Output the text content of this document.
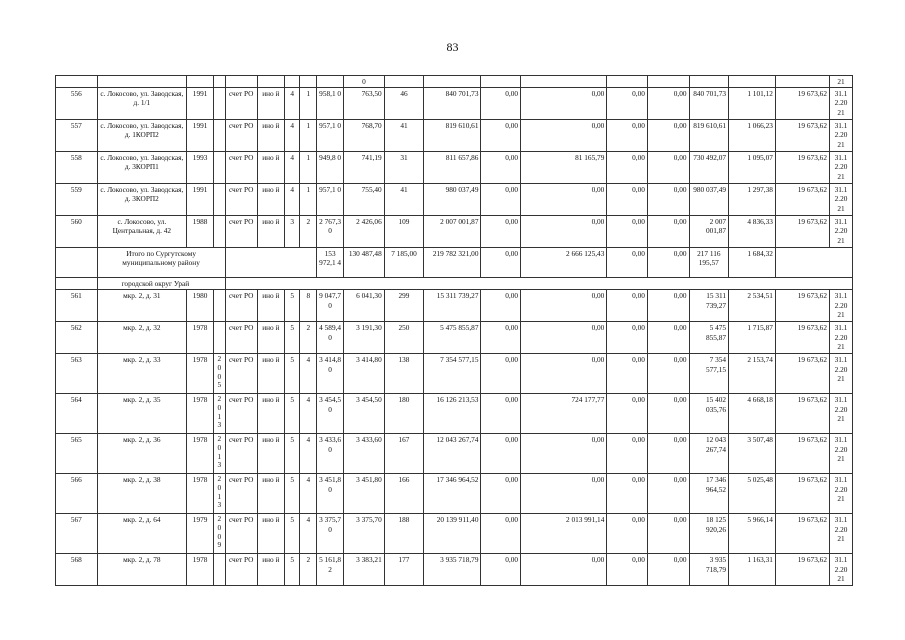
83
									0										21
556	с. Локосово, ул. Заводская, д. 1/1	1991		счет РО	ино й	4	1	958,1 0	763,50	46	840 701,73	0,00	0,00	0,00	0,00	840 701,73	1 101,12	19 673,62	31.1 2.20 21
557	с. Локосово, ул. Заводская, д. 1КОРП2	1991		счет РО	ино й	4	1	957,1 0	768,70	41	819 610,61	0,00	0,00	0,00	0,00	819 610,61	1 066,23	19 673,62	31.1 2.20 21
558	с. Локосово, ул. Заводская, д. 3КОРП1	1993		счет РО	ино й	4	1	949,8 0	741,19	31	811 657,86	0,00	81 165,79	0,00	0,00	730 492,07	1 095,07	19 673,62	31.1 2.20 21
559	с. Локосово, ул. Заводская, д. 3КОРП2	1991		счет РО	ино й	4	1	957,1 0	755,40	41	980 037,49	0,00	0,00	0,00	0,00	980 037,49	1 297,38	19 673,62	31.1 2.20 21
560	с. Локосово, ул. Центральная, д. 42	1988		счет РО	ино й	3	2	2 767,3 0	2 426,06	109	2 007 001,87	0,00	0,00	0,00	0,00	2 007 001,87	4 836,33	19 673,62	31.1 2.20 21
	Итого по Сургутскому муниципальному району							153 972,1 4	130 487,48	7 185,00	219 782 321,00	0,00	2 666 125,43	0,00	0,00	217 116 195,57	1 684,32		
	городской округ Урай																		
561	мкр. 2, д. 31	1980		счет РО	ино й	5	8	9 047,7 0	6 041,30	299	15 311 739,27	0,00	0,00	0,00	0,00	15 311 739,27	2 534,51	19 673,62	31.1 2.20 21
562	мкр. 2, д. 32	1978		счет РО	ино й	5	2	4 589,4 0	3 191,30	250	5 475 855,87	0,00	0,00	0,00	0,00	5 475 855,87	1 715,87	19 673,62	31.1 2.20 21
563	мкр. 2, д. 33	1978	2 0 0 5	счет РО	ино й	5	4	3 414,8 0	3 414,80	138	7 354 577,15	0,00	0,00	0,00	0,00	7 354 577,15	2 153,74	19 673,62	31.1 2.20 21
564	мкр. 2, д. 35	1978	2 0 1 3	счет РО	ино й	5	4	3 454,5 0	3 454,50	180	16 126 213,53	0,00	724 177,77	0,00	0,00	15 402 035,76	4 668,18	19 673,62	31.1 2.20 21
565	мкр. 2, д. 36	1978	2 0 1 3	счет РО	ино й	5	4	3 433,6 0	3 433,60	167	12 043 267,74	0,00	0,00	0,00	0,00	12 043 267,74	3 507,48	19 673,62	31.1 2.20 21
566	мкр. 2, д. 38	1978	2 0 1 3	счет РО	ино й	5	4	3 451,8 0	3 451,80	166	17 346 964,52	0,00	0,00	0,00	0,00	17 346 964,52	5 025,48	19 673,62	31.1 2.20 21
567	мкр. 2, д. 64	1979	2 0 0 9	счет РО	ино й	5	4	3 375,7 0	3 375,70	188	20 139 911,40	0,00	2 013 991,14	0,00	0,00	18 125 920,26	5 966,14	19 673,62	31.1 2.20 21
568	мкр. 2, д. 78	1978		счет РО	ино й	5	2	5 161,8 2	3 383,21	177	3 935 718,79	0,00	0,00	0,00	0,00	3 935 718,79	1 163,31	19 673,62	31.1 2.20 21
